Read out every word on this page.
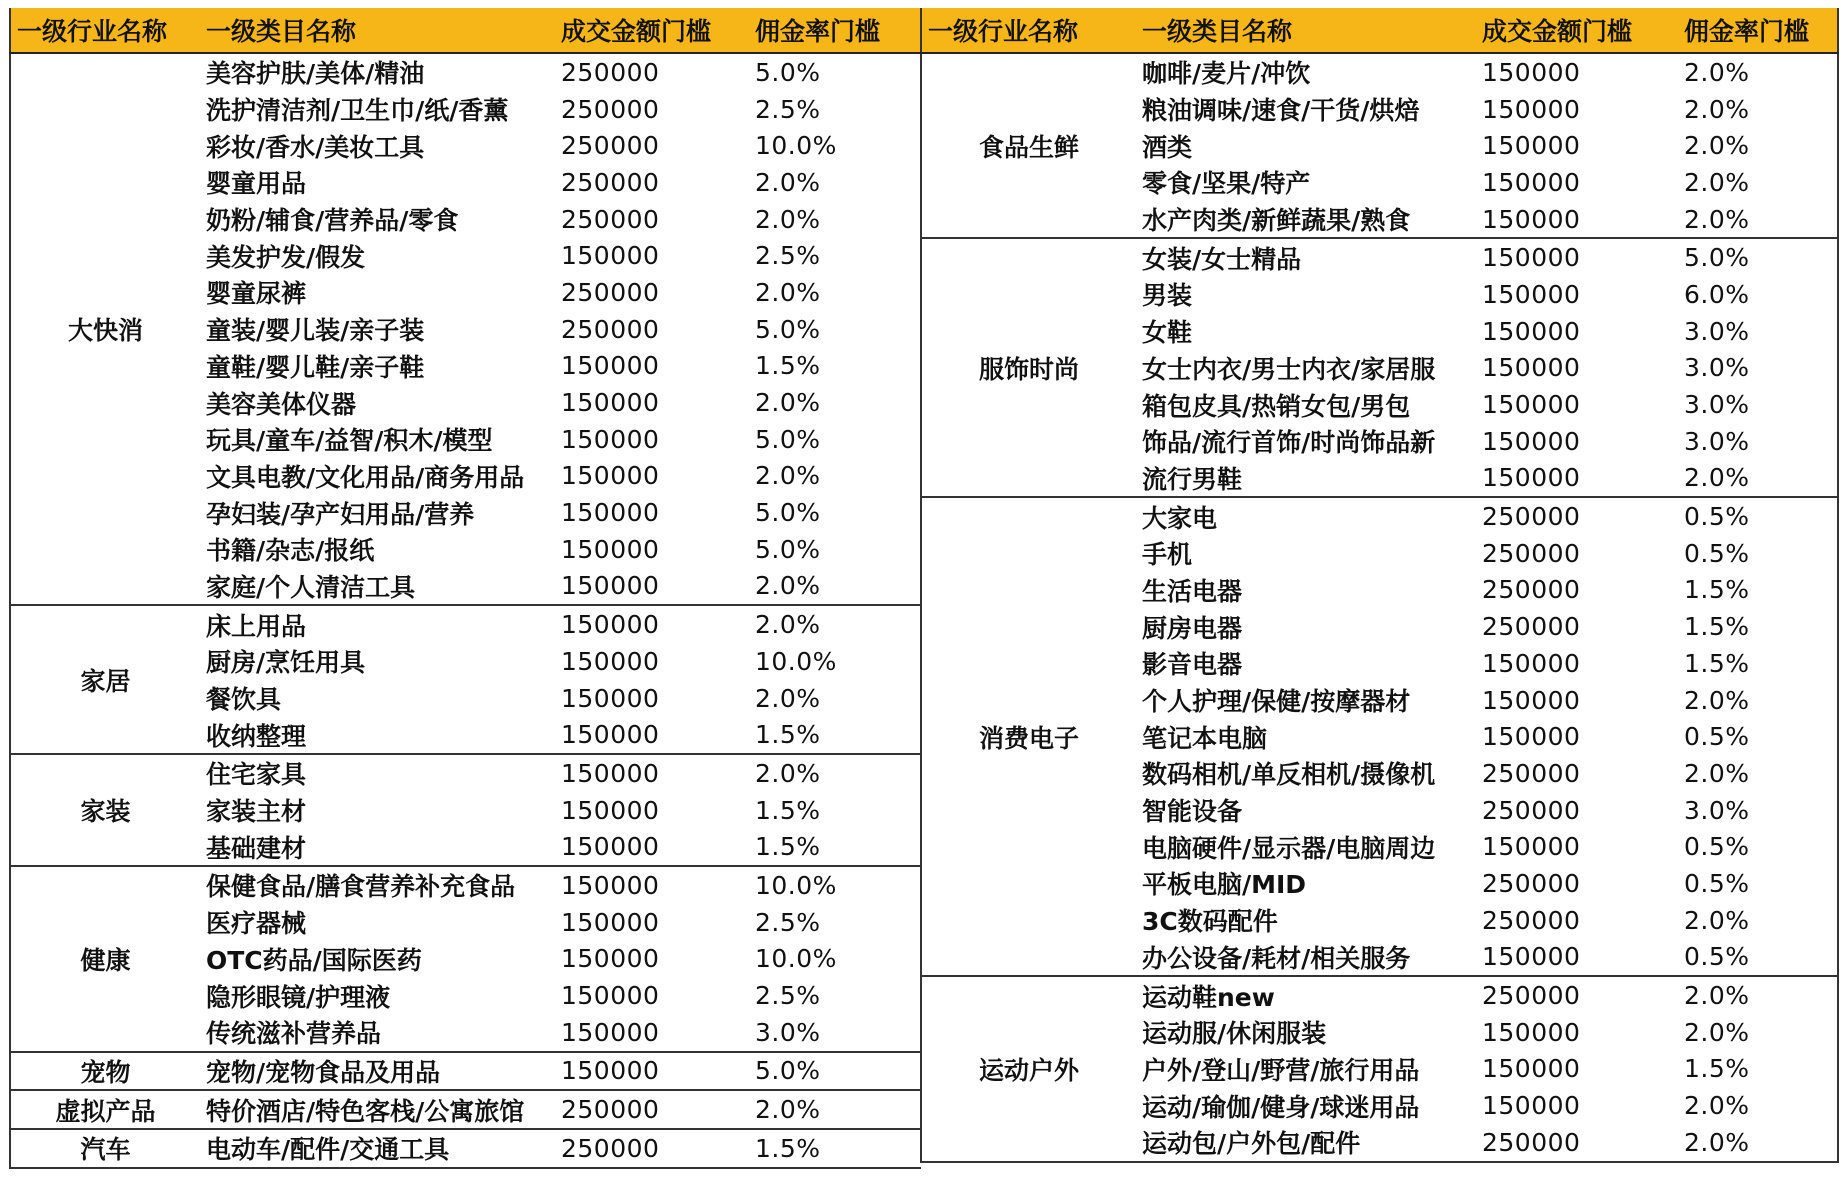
一级行业名称	一级类目名称	成交金额门槛	佣金率门槛
大快消	美容护肤/美体/精油	250000	5.0%
	洗护清洁剂/卫生巾/纸/香薰	250000	2.5%
	彩妆/香水/美妆工具	250000	10.0%
	婴童用品	250000	2.0%
	奶粉/辅食/营养品/零食	250000	2.0%
	美发护发/假发	150000	2.5%
	婴童尿裤	250000	2.0%
	童装/婴儿装/亲子装	250000	5.0%
	童鞋/婴儿鞋/亲子鞋	150000	1.5%
	美容美体仪器	150000	2.0%
	玩具/童车/益智/积木/模型	150000	5.0%
	文具电教/文化用品/商务用品	150000	2.0%
	孕妇装/孕产妇用品/营养	150000	5.0%
	书籍/杂志/报纸	150000	5.0%
	家庭/个人清洁工具	150000	2.0%
家居	床上用品	150000	2.0%
	厨房/烹饪用具	150000	10.0%
	餐饮具	150000	2.0%
	收纳整理	150000	1.5%
家装	住宅家具	150000	2.0%
	家装主材	150000	1.5%
	基础建材	150000	1.5%
健康	保健食品/膳食营养补充食品	150000	10.0%
	医疗器械	150000	2.5%
	OTC药品/国际医药	150000	10.0%
	隐形眼镜/护理液	150000	2.5%
	传统滋补营养品	150000	3.0%
宠物	宠物/宠物食品及用品	150000	5.0%
虚拟产品	特价酒店/特色客栈/公寓旅馆	250000	2.0%
汽车	电动车/配件/交通工具	250000	1.5%
一级行业名称	一级类目名称	成交金额门槛	佣金率门槛
食品生鲜	咖啡/麦片/冲饮	150000	2.0%
	粮油调味/速食/干货/烘焙	150000	2.0%
	酒类	150000	2.0%
	零食/坚果/特产	150000	2.0%
	水产肉类/新鲜蔬果/熟食	150000	2.0%
服饰时尚	女装/女士精品	150000	5.0%
	男装	150000	6.0%
	女鞋	150000	3.0%
	女士内衣/男士内衣/家居服	150000	3.0%
	箱包皮具/热销女包/男包	150000	3.0%
	饰品/流行首饰/时尚饰品新	150000	3.0%
	流行男鞋	150000	2.0%
消费电子	大家电	250000	0.5%
	手机	250000	0.5%
	生活电器	250000	1.5%
	厨房电器	250000	1.5%
	影音电器	150000	1.5%
	个人护理/保健/按摩器材	150000	2.0%
	笔记本电脑	150000	0.5%
	数码相机/单反相机/摄像机	250000	2.0%
	智能设备	250000	3.0%
	电脑硬件/显示器/电脑周边	150000	0.5%
	平板电脑/MID	250000	0.5%
	3C数码配件	250000	2.0%
	办公设备/耗材/相关服务	150000	0.5%
运动户外	运动鞋new	250000	2.0%
	运动服/休闲服装	150000	2.0%
	户外/登山/野营/旅行用品	150000	1.5%
	运动/瑜伽/健身/球迷用品	150000	2.0%
	运动包/户外包/配件	250000	2.0%
